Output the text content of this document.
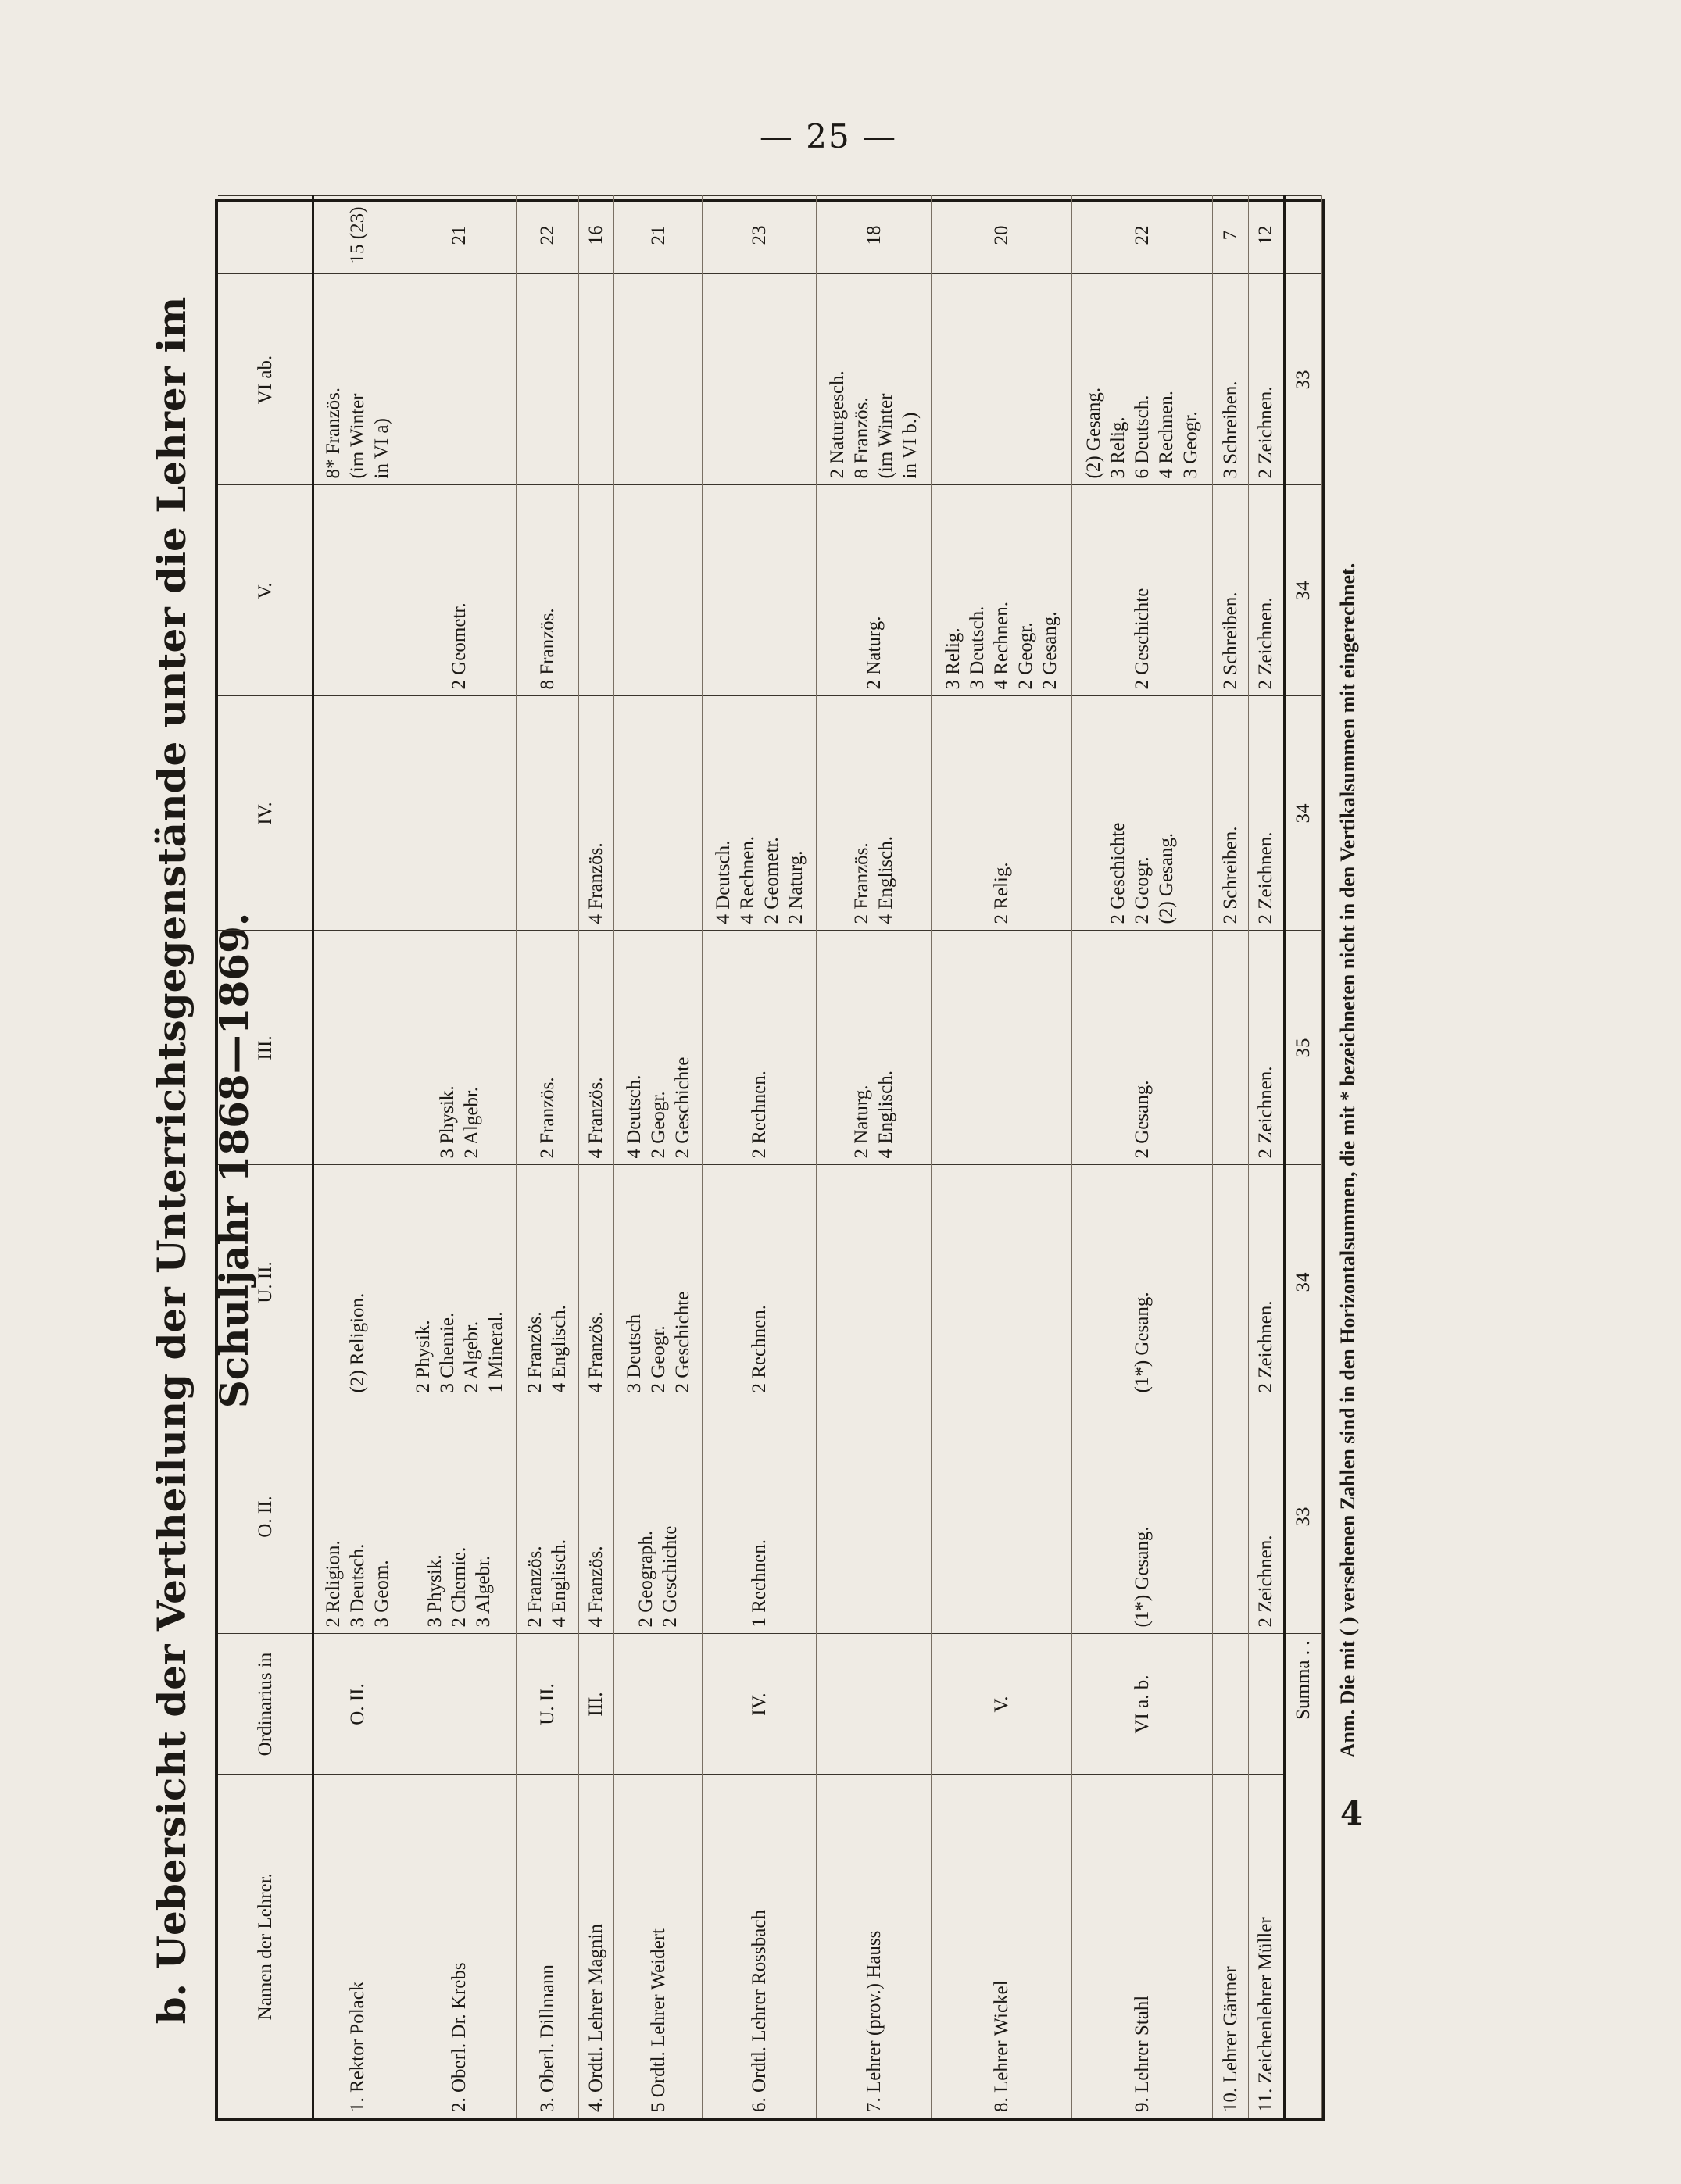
— 25 —
b. Uebersicht der Vertheilung der Unterrichtsgegenstände unter die Lehrer im Schuljahr 1868—1869.
Namen der Lehrer.	Ordinarius in	O. II.	U. II.	III.	IV.	V.	VI ab.	
1. Rektor Polack	O. II.	2 Religion. 3 Deutsch. 3 Geom.	(2) Religion.				8* Französ. (im Winter in VI a)	15 (23)
2. Oberl. Dr. Krebs		3 Physik. 2 Chemie. 3 Algebr.	2 Physik. 3 Chemie. 2 Algebr. 1 Mineral.	3 Physik. 2 Algebr.		2 Geometr.		21
3. Oberl. Dillmann	U. II.	2 Französ. 4 Englisch.	2 Französ. 4 Englisch.	2 Französ.		8 Französ.		22
4. Ordtl. Lehrer Magnin	III.	4 Französ.	4 Französ.	4 Französ.	4 Französ.			16
5 Ordtl. Lehrer Weidert		2 Geograph. 2 Geschichte	3 Deutsch 2 Geogr. 2 Geschichte	4 Deutsch. 2 Geogr. 2 Geschichte				21
6. Ordtl. Lehrer Rossbach	IV.	1 Rechnen.	2 Rechnen.	2 Rechnen.	4 Deutsch. 4 Rechnen. 2 Geometr. 2 Naturg.			23
7. Lehrer (prov.) Hauss				2 Naturg. 4 Englisch.	2 Französ. 4 Englisch.	2 Naturg.	2 Naturgesch. 8 Französ. (im Winter in VI b.)	18
8. Lehrer Wickel	V.				2 Relig.	3 Relig. 3 Deutsch. 4 Rechnen. 2 Geogr. 2 Gesang.		20
9. Lehrer Stahl	VI a. b.	(1*) Gesang.	(1*) Gesang.	2 Gesang.	2 Geschichte 2 Geogr. (2) Gesang.	2 Geschichte	(2) Gesang. 3 Relig. 6 Deutsch. 4 Rechnen. 3 Geogr.	22
10. Lehrer Gärtner					2 Schreiben.	2 Schreiben.	3 Schreiben.	7
11. Zeichenlehrer Müller		2 Zeichnen.	2 Zeichnen.	2 Zeichnen.	2 Zeichnen.	2 Zeichnen.	2 Zeichnen.	12
Summa . .		33	34	35	34	34	33	
Anm. Die mit ( ) versehenen Zahlen sind in den Horizontalsummen, die mit * bezeichneten nicht in den Vertikalsummen mit eingerechnet.
4
